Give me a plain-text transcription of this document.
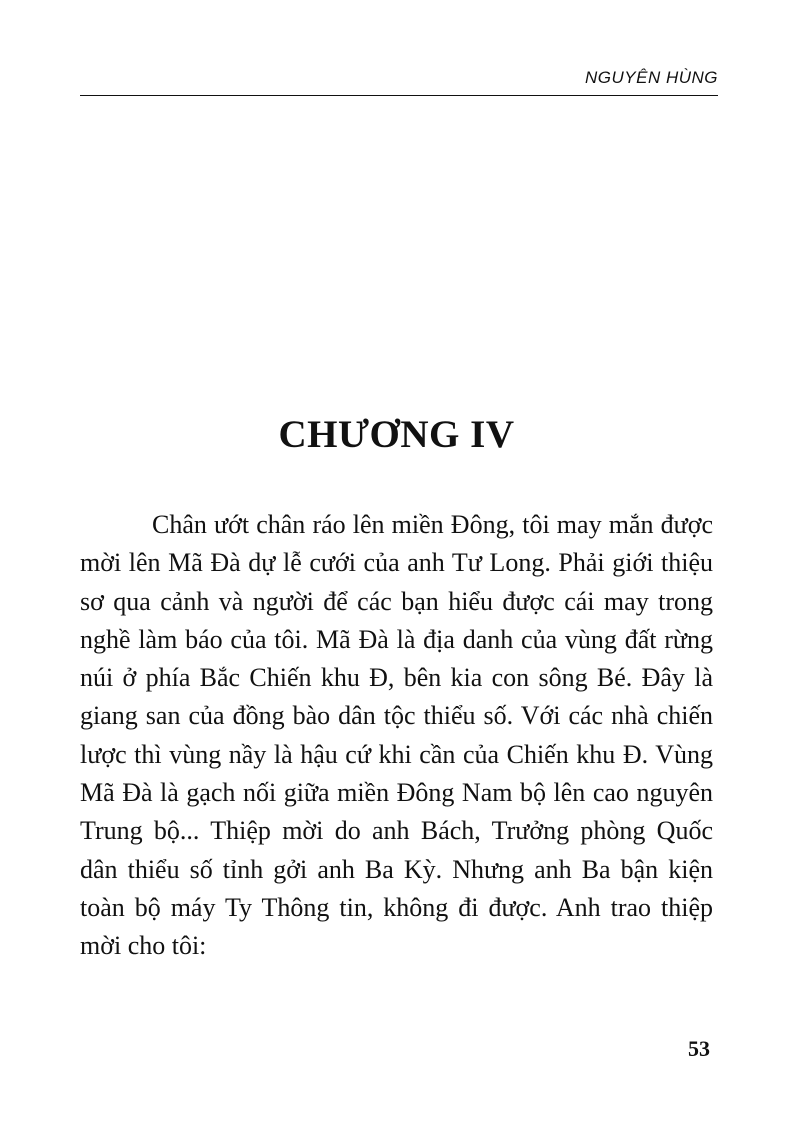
NGUYÊN HÙNG
CHƯƠNG IV

Chân ướt chân ráo lên miền Đông, tôi may mắn được mời lên Mã Đà dự lễ cưới của anh Tư Long. Phải giới thiệu sơ qua cảnh và người để các bạn hiểu được cái may trong nghề làm báo của tôi. Mã Đà là địa danh của vùng đất rừng núi ở phía Bắc Chiến khu Đ, bên kia con sông Bé. Đây là giang san của đồng bào dân tộc thiểu số. Với các nhà chiến lược thì vùng nầy là hậu cứ khi cần của Chiến khu Đ. Vùng Mã Đà là gạch nối giữa miền Đông Nam bộ lên cao nguyên Trung bộ... Thiệp mời do anh Bách, Trưởng phòng Quốc dân thiểu số tỉnh gởi anh Ba Kỳ. Nhưng anh Ba bận kiện toàn bộ máy Ty Thông tin, không đi được. Anh trao thiệp mời cho tôi:

53
